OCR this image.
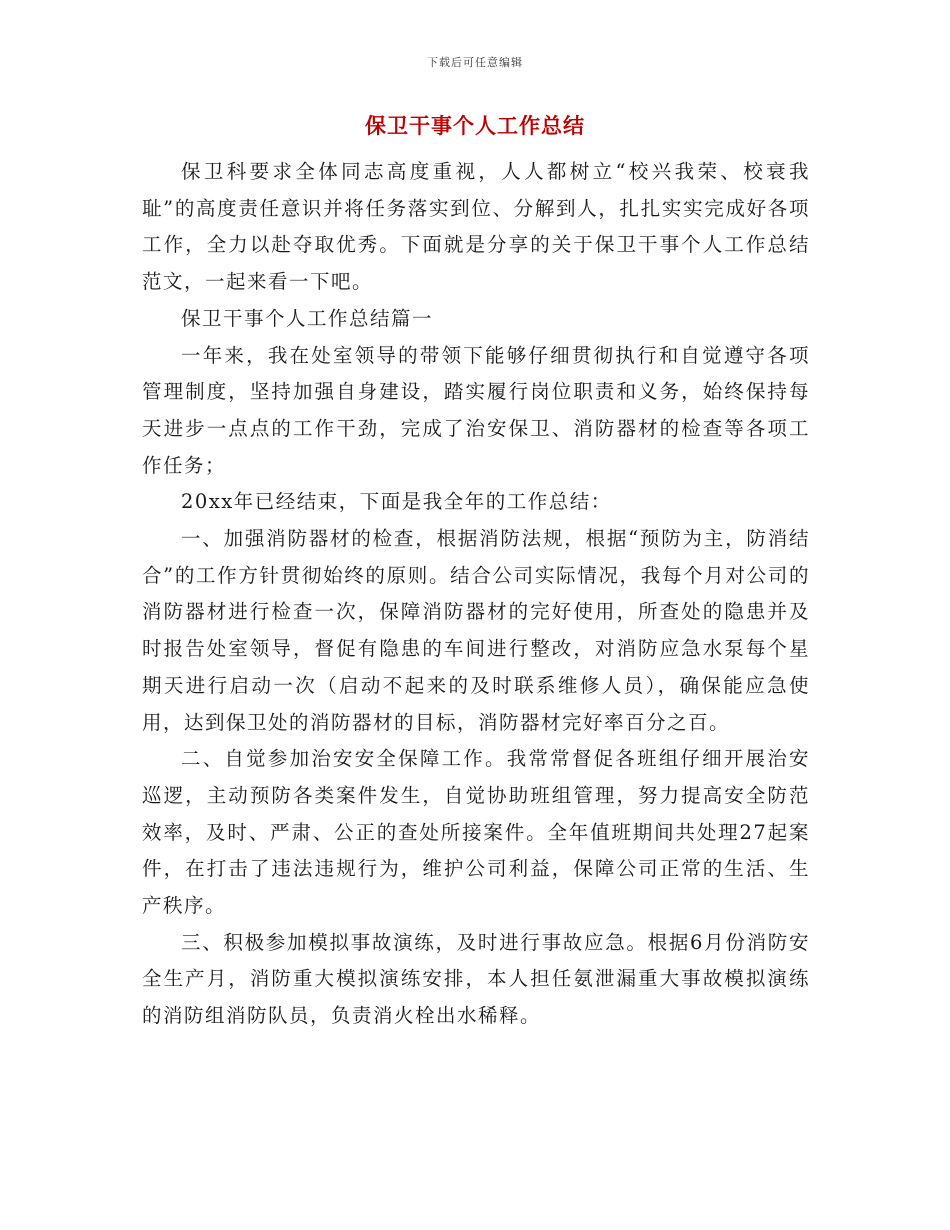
下载后可任意编辑
保卫干事个人工作总结

保卫科要求全体同志高度重视，人人都树立“校兴我荣、校衰我耻”的高度责任意识并将任务落实到位、分解到人，扎扎实实完成好各项工作，全力以赴夺取优秀。下面就是分享的关于保卫干事个人工作总结范文，一起来看一下吧。

保卫干事个人工作总结篇一

一年来，我在处室领导的带领下能够仔细贯彻执行和自觉遵守各项管理制度，坚持加强自身建设，踏实履行岗位职责和义务，始终保持每天进步一点点的工作干劲，完成了治安保卫、消防器材的检查等各项工作任务；

20xx年已经结束，下面是我全年的工作总结：

一、加强消防器材的检查，根据消防法规，根据“预防为主，防消结合”的工作方针贯彻始终的原则。结合公司实际情况，我每个月对公司的消防器材进行检查一次，保障消防器材的完好使用，所查处的隐患并及时报告处室领导，督促有隐患的车间进行整改，对消防应急水泵每个星期天进行启动一次（启动不起来的及时联系维修人员），确保能应急使用，达到保卫处的消防器材的目标，消防器材完好率百分之百。

二、自觉参加治安安全保障工作。我常常督促各班组仔细开展治安巡逻，主动预防各类案件发生，自觉协助班组管理，努力提高安全防范效率，及时、严肃、公正的查处所接案件。全年值班期间共处理27起案件，在打击了违法违规行为，维护公司利益，保障公司正常的生活、生产秩序。

三、积极参加模拟事故演练，及时进行事故应急。根据6月份消防安全生产月，消防重大模拟演练安排，本人担任氨泄漏重大事故模拟演练的消防组消防队员，负责消火栓出水稀释。
